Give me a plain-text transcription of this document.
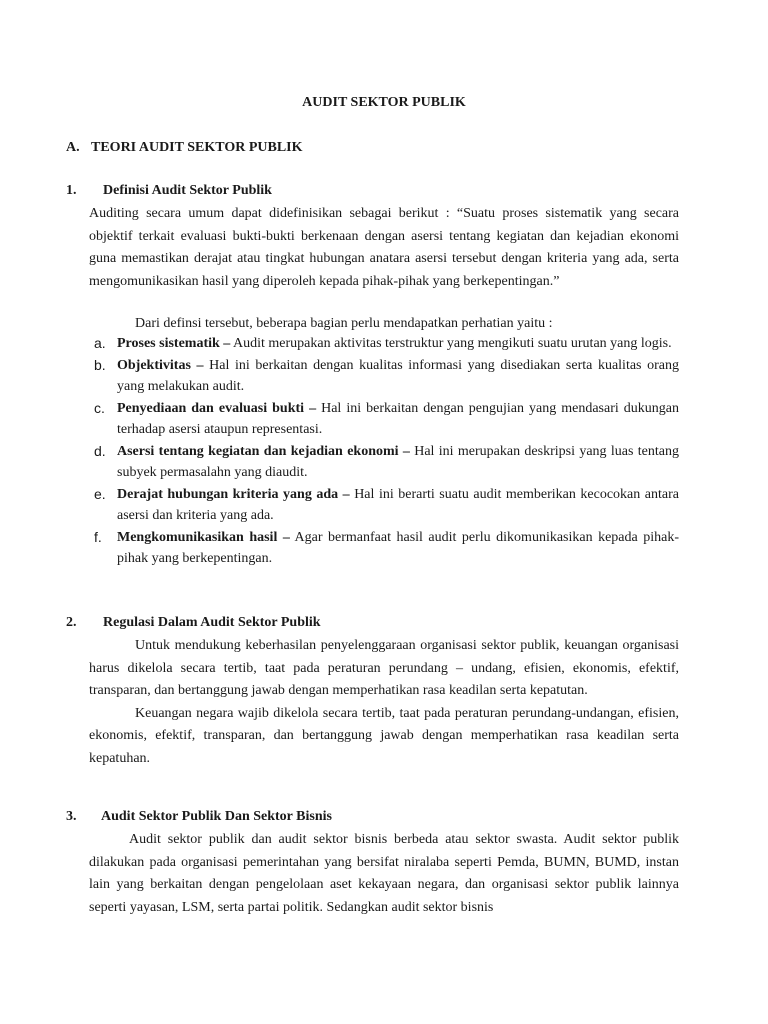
AUDIT SEKTOR PUBLIK
A. TEORI AUDIT SEKTOR PUBLIK
1. Definisi Audit Sektor Publik

Auditing secara umum dapat didefinisikan sebagai berikut : “Suatu proses sistematik yang secara objektif terkait evaluasi bukti-bukti berkenaan dengan asersi tentang kegiatan dan kejadian ekonomi guna memastikan derajat atau tingkat hubungan anatara asersi tersebut dengan kriteria yang ada, serta mengomunikasikan hasil yang diperoleh kepada pihak-pihak yang berkepentingan.”

Dari definsi tersebut, beberapa bagian perlu mendapatkan perhatian yaitu :

a. Proses sistematik – Audit merupakan aktivitas terstruktur yang mengikuti suatu urutan yang logis.
b. Objektivitas – Hal ini berkaitan dengan kualitas informasi yang disediakan serta kualitas orang yang melakukan audit.
c. Penyediaan dan evaluasi bukti – Hal ini berkaitan dengan pengujian yang mendasari dukungan terhadap asersi ataupun representasi.
d. Asersi tentang kegiatan dan kejadian ekonomi – Hal ini merupakan deskripsi yang luas tentang subyek permasalahn yang diaudit.
e. Derajat hubungan kriteria yang ada – Hal ini berarti suatu audit memberikan kecocokan antara asersi dan kriteria yang ada.
f. Mengkomunikasikan hasil – Agar bermanfaat hasil audit perlu dikomunikasikan kepada pihak-pihak yang berkepentingan.
2. Regulasi Dalam Audit Sektor Publik

Untuk mendukung keberhasilan penyelenggaraan organisasi sektor publik, keuangan organisasi harus dikelola secara tertib, taat pada peraturan perundang – undang, efisien, ekonomis, efektif, transparan, dan bertanggung jawab dengan memperhatikan rasa keadilan serta kepatutan.

Keuangan negara wajib dikelola secara tertib, taat pada peraturan perundang-undangan, efisien, ekonomis, efektif, transparan, dan bertanggung jawab dengan memperhatikan rasa keadilan serta kepatuhan.

3. Audit Sektor Publik Dan Sektor Bisnis

Audit sektor publik dan audit sektor bisnis berbeda atau sektor swasta. Audit sektor publik dilakukan pada organisasi pemerintahan yang bersifat niralaba seperti Pemda, BUMN, BUMD, instan lain yang berkaitan dengan pengelolaan aset kekayaan negara, dan organisasi sektor publik lainnya seperti yayasan, LSM, serta partai politik. Sedangkan audit sektor bisnis
